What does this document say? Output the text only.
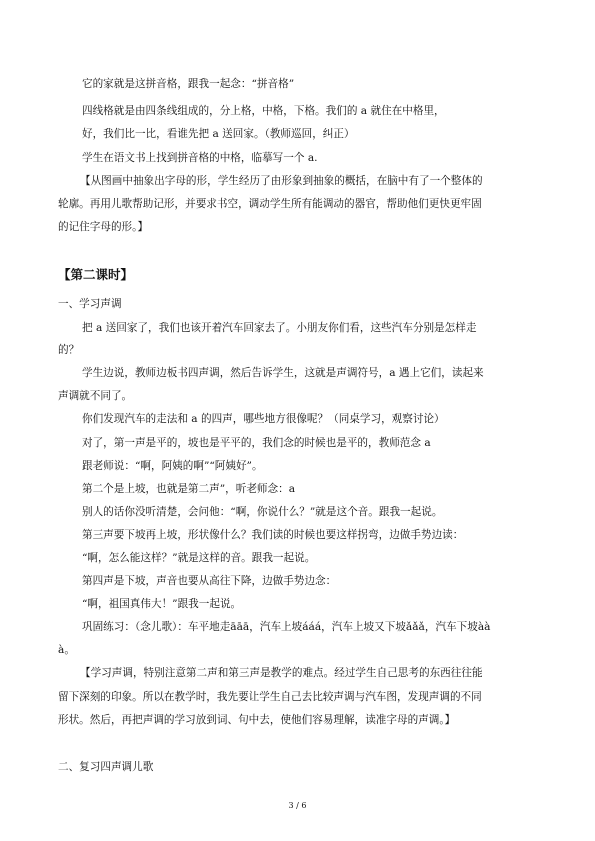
它的家就是这拼音格，跟我一起念：“拼音格”
四线格就是由四条线组成的，分上格，中格，下格。我们的 a 就住在中格里，
好，我们比一比，看谁先把 a 送回家。（教师巡回，纠正）
学生在语文书上找到拼音格的中格，临摹写一个 a.
【从图画中抽象出字母的形，学生经历了由形象到抽象的概括，在脑中有了一个整体的
轮廓。再用儿歌帮助记形，并要求书空，调动学生所有能调动的器官，帮助他们更快更牢固
的记住字母的形。】
【第二课时】
一、学习声调
把 a 送回家了，我们也该开着汽车回家去了。小朋友你们看，这些汽车分别是怎样走
的？
学生边说，教师边板书四声调，然后告诉学生，这就是声调符号，a 遇上它们，读起来
声调就不同了。
你们发现汽车的走法和 a 的四声，哪些地方很像呢？（同桌学习，观察讨论）
对了，第一声是平的，坡也是平平的，我们念的时候也是平的，教师范念 a
跟老师说：“啊，阿姨的啊”“阿姨好”。
第二个是上坡，也就是第二声”，听老师念：a
别人的话你没听清楚，会问他：“啊，你说什么？”就是这个音。跟我一起说。
第三声要下坡再上坡，形状像什么？我们读的时候也要这样拐弯，边做手势边读：
“啊，怎么能这样？”就是这样的音。跟我一起说。
第四声是下坡，声音也要从高往下降，边做手势边念：
“啊，祖国真伟大！”跟我一起说。
巩固练习：（念儿歌）：车平地走āāā，汽车上坡ááá，汽车上坡又下坡ǎǎǎ，汽车下坡àà
à。
【学习声调，特别注意第二声和第三声是教学的难点。经过学生自己思考的东西往往能
留下深刻的印象。所以在教学时，我先要让学生自己去比较声调与汽车图，发现声调的不同
形状。然后，再把声调的学习放到词、句中去，使他们容易理解，读准字母的声调。】
二、复习四声调儿歌
3 / 6
